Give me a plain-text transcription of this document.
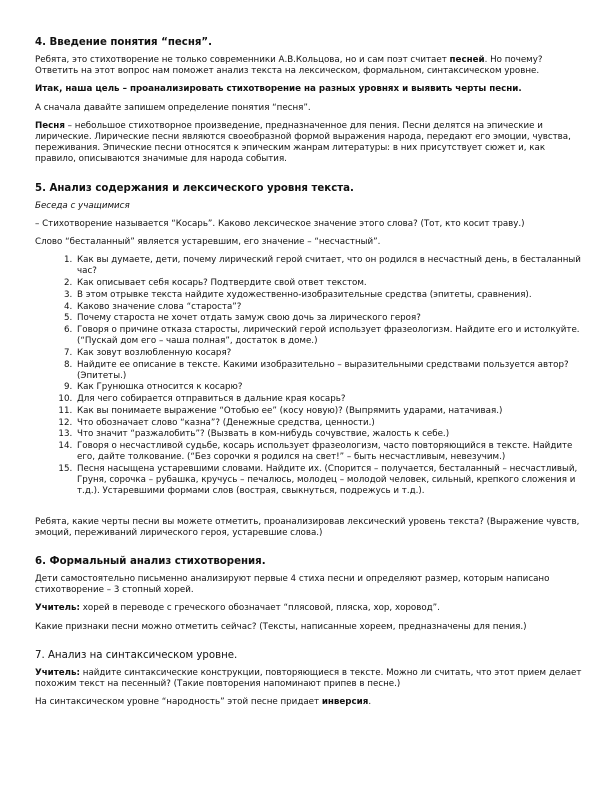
4. Введение понятия “песня”.

Ребята, это стихотворение не только современники А.В.Кольцова, но и сам поэт считает песней. Но почему? Ответить на этот вопрос нам поможет анализ текста на лексическом, формальном, синтаксическом уровне.

Итак, наша цель – проанализировать стихотворение на разных уровнях и выявить черты песни.

А сначала давайте запишем определение понятия “песня”.

Песня – небольшое стихотворное произведение, предназначенное для пения. Песни делятся на эпические и лирические. Лирические песни являются своеобразной формой выражения народа, передают его эмоции, чувства, переживания. Эпические песни относятся к эпическим жанрам литературы: в них присутствует сюжет и, как правило, описываются значимые для народа события.

5. Анализ содержания и лексического уровня текста.

Беседа с учащимися

– Стихотворение называется “Косарь”. Каково лексическое значение этого слова? (Тот, кто косит траву.)

Слово “бесталанный” является устаревшим, его значение – “несчастный”.

1. Как вы думаете, дети, почему лирический герой считает, что он родился в несчастный день, в бесталанный час?
2. Как описывает себя косарь? Подтвердите свой ответ текстом.
3. В этом отрывке текста найдите художественно-изобразительные средства (эпитеты, сравнения).
4. Каково значение слова “староста”?
5. Почему староста не хочет отдать замуж свою дочь за лирического героя?
6. Говоря о причине отказа старосты, лирический герой использует фразеологизм. Найдите его и истолкуйте. (“Пускай дом его – чаша полная”, достаток в доме.)
7. Как зовут возлюбленную косаря?
8. Найдите ее описание в тексте. Какими изобразительно – выразительными средствами пользуется автор? (Эпитеты.)
9. Как Грунюшка относится к косарю?
10. Для чего собирается отправиться в дальние края косарь?
11. Как вы понимаете выражение “Отобью ее” (косу новую)? (Выпрямить ударами, натачивая.)
12. Что обозначает слово “казна”? (Денежные средства, ценности.)
13. Что значит “разжалобить”? (Вызвать в ком-нибудь сочувствие, жалость к себе.)
14. Говоря о несчастливой судьбе, косарь использует фразеологизм, часто повторяющийся в тексте. Найдите его, дайте толкование. (“Без сорочки я родился на свет!” – быть несчастливым, невезучим.)
15. Песня насыщена устаревшими словами. Найдите их. (Спорится – получается, бесталанный – несчастливый, Груня, сорочка – рубашка, кручусь – печалюсь, молодец – молодой человек, сильный, крепкого сложения и т.д.). Устаревшими формами слов (вострая, свыкнуться, подрежусь и т.д.).

Ребята, какие черты песни вы можете отметить, проанализировав лексический уровень текста? (Выражение чувств, эмоций, переживаний лирического героя, устаревшие слова.)

6. Формальный анализ стихотворения.

Дети самостоятельно письменно анализируют первые 4 стиха песни и определяют размер, которым написано стихотворение – 3 стопный хорей.

Учитель: хорей в переводе с греческого обозначает “плясовой, пляска, хор, хоровод”.

Какие признаки песни можно отметить сейчас? (Тексты, написанные хореем, предназначены для пения.)

7. Анализ на синтаксическом уровне.

Учитель: найдите синтаксические конструкции, повторяющиеся в тексте. Можно ли считать, что этот прием делает похожим текст на песенный? (Такие повторения напоминают припев в песне.)

На синтаксическом уровне “народность” этой песне придает инверсия.
